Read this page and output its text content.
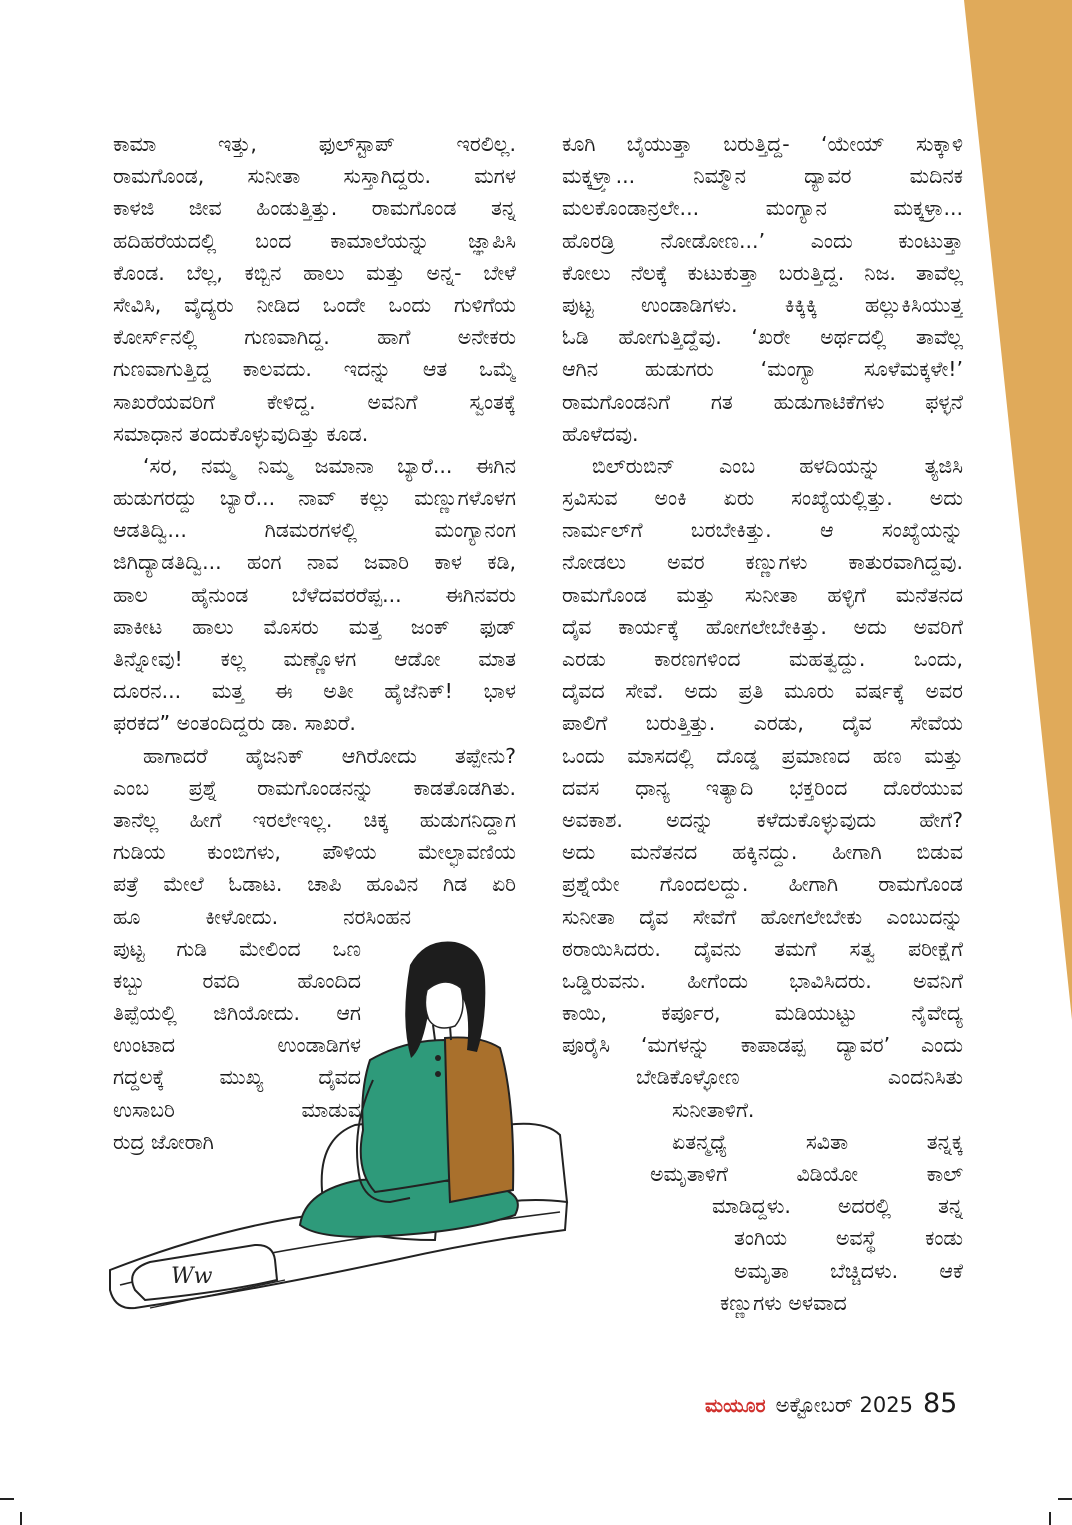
ಕಾಮಾ ಇತ್ತು, ಫುಲ್‌ಸ್ಟಾಪ್ ಇರಲಿಲ್ಲ.
ರಾಮಗೊಂಡ, ಸುನೀತಾ ಸುಸ್ತಾಗಿದ್ದರು. ಮಗಳ
ಕಾಳಜಿ ಜೀವ ಹಿಂಡುತ್ತಿತ್ತು. ರಾಮಗೊಂಡ ತನ್ನ
ಹದಿಹರೆಯದಲ್ಲಿ ಬಂದ ಕಾಮಾಲೆಯನ್ನು ಜ್ಞಾಪಿಸಿ
ಕೊಂಡ. ಬೆಲ್ಲ, ಕಬ್ಬಿನ ಹಾಲು ಮತ್ತು ಅನ್ನ- ಬೇಳೆ
ಸೇವಿಸಿ, ವೈದ್ಯರು ನೀಡಿದ ಒಂದೇ ಒಂದು ಗುಳಿಗೆಯ
ಕೋರ್ಸ್‌ನಲ್ಲಿ ಗುಣವಾಗಿದ್ದ. ಹಾಗೆ ಅನೇಕರು
ಗುಣವಾಗುತ್ತಿದ್ದ ಕಾಲವದು. ಇದನ್ನು ಆತ ಒಮ್ಮೆ
ಸಾಖರೆಯವರಿಗೆ ಕೇಳಿದ್ದ. ಅವನಿಗೆ ಸ್ವಂತಕ್ಕೆ
ಸಮಾಧಾನ ತಂದುಕೊಳ್ಳುವುದಿತ್ತು ಕೂಡ.
‘ಸರ, ನಮ್ಮ ನಿಮ್ಮ ಜಮಾನಾ ಬ್ಯಾರೆ... ಈಗಿನ
ಹುಡುಗರದ್ದು ಬ್ಯಾರೆ... ನಾವ್ ಕಲ್ಲು ಮಣ್ಣುಗಳೊಳಗ
ಆಡತಿದ್ವಿ... ಗಿಡಮರಗಳಲ್ಲಿ ಮಂಗ್ಯಾನಂಗ
ಜಿಗಿದ್ಯಾಡತಿದ್ವಿ... ಹಂಗ ನಾವ ಜವಾರಿ ಕಾಳ ಕಡಿ,
ಹಾಲ ಹೈನುಂಡ ಬೆಳೆದವರರೆಪ್ಪ... ಈಗಿನವರು
ಪಾಕೀಟ ಹಾಲು ಮೊಸರು ಮತ್ತ ಜಂಕ್ ಫುಡ್
ತಿನ್ನೋವು! ಕಲ್ಲ ಮಣ್ಣೊಳಗ ಆಡೋ ಮಾತ
ದೂರನ... ಮತ್ತ ಈ ಅತೀ ಹೈಜೆನಿಕ್! ಭಾಳ
ಫರಕದ” ಅಂತಂದಿದ್ದರು ಡಾ. ಸಾಖರೆ.
ಹಾಗಾದರೆ ಹೈಜನಿಕ್ ಆಗಿರೋದು ತಪ್ಪೇನು?
ಎಂಬ ಪ್ರಶ್ನೆ ರಾಮಗೊಂಡನನ್ನು ಕಾಡತೊಡಗಿತು.
ತಾನೆಲ್ಲ ಹೀಗೆ ಇರಲೇಇಲ್ಲ. ಚಿಕ್ಕ ಹುಡುಗನಿದ್ದಾಗ
ಗುಡಿಯ ಕುಂಬಿಗಳು, ಪೌಳಿಯ ಮೇಲ್ಛಾವಣಿಯ
ಪತ್ರೆ ಮೇಲೆ ಓಡಾಟ. ಚಾಪಿ ಹೂವಿನ ಗಿಡ ಏರಿ
ಹೂ ಕೀಳೋದು. ನರಸಿಂಹನ
ಪುಟ್ಟ ಗುಡಿ ಮೇಲಿಂದ ಒಣ
ಕಬ್ಬು ರವದಿ ಹೊಂದಿದ
ತಿಪ್ಪೆಯಲ್ಲಿ ಜಿಗಿಯೋದು. ಆಗ
ಉಂಟಾದ ಉಂಡಾಡಿಗಳ
ಗದ್ದಲಕ್ಕೆ ಮುಖ್ಯ ದೈವದ
ಉಸಾಬರಿ ಮಾಡುವ
ರುದ್ರ ಜೋರಾಗಿ
ಕೂಗಿ ಬೈಯುತ್ತಾ ಬರುತ್ತಿದ್ದ- ‘ಯೇಯ್ ಸುಕ್ಕಾಳಿ
ಮಕ್ಕಳ್ರ್ಯಾ... ನಿಮ್ಮೌನ ದ್ಯಾವರ ಮದಿನಕ
ಮಲಕೊಂಡಾನ್ರಲೇ... ಮಂಗ್ಯಾನ ಮಕ್ಕಳ್ರಾ...
ಹೊರಡ್ರಿ ನೋಡೋಣ...’ ಎಂದು ಕುಂಟುತ್ತಾ
ಕೋಲು ನೆಲಕ್ಕೆ ಕುಟುಕುತ್ತಾ ಬರುತ್ತಿದ್ದ. ನಿಜ. ತಾವೆಲ್ಲ
ಪುಟ್ಟ ಉಂಡಾಡಿಗಳು. ಕಿಕ್ಕಿಕ್ಕಿ ಹಲ್ಲುಕಿಸಿಯುತ್ತ
ಓಡಿ ಹೋಗುತ್ತಿದ್ದೆವು. ‘ಖರೇ ಅರ್ಥದಲ್ಲಿ ತಾವೆಲ್ಲ
ಆಗಿನ ಹುಡುಗರು ‘ಮಂಗ್ಯಾ ಸೂಳೆಮಕ್ಕಳೇ!’
ರಾಮಗೊಂಡನಿಗೆ ಗತ ಹುಡುಗಾಟಿಕೆಗಳು ಫಳ್ಳನೆ
ಹೊಳೆದವು.
ಬಿಲ್‌ರುಬಿನ್ ಎಂಬ ಹಳದಿಯನ್ನು ತ್ಯಜಿಸಿ
ಸ್ರವಿಸುವ ಅಂಕಿ ಏರು ಸಂಖ್ಯೆಯಲ್ಲಿತ್ತು. ಅದು
ನಾರ್ಮಲ್‌ಗೆ ಬರಬೇಕಿತ್ತು. ಆ ಸಂಖ್ಯೆಯನ್ನು
ನೋಡಲು ಅವರ ಕಣ್ಣುಗಳು ಕಾತುರವಾಗಿದ್ದವು.
ರಾಮಗೊಂಡ ಮತ್ತು ಸುನೀತಾ ಹಳ್ಳಿಗೆ ಮನೆತನದ
ದೈವ ಕಾರ್ಯಕ್ಕೆ ಹೋಗಲೇಬೇಕಿತ್ತು. ಅದು ಅವರಿಗೆ
ಎರಡು ಕಾರಣಗಳಿಂದ ಮಹತ್ವದ್ದು. ಒಂದು,
ದೈವದ ಸೇವೆ. ಅದು ಪ್ರತಿ ಮೂರು ವರ್ಷಕ್ಕೆ ಅವರ
ಪಾಲಿಗೆ ಬರುತ್ತಿತ್ತು. ಎರಡು, ದೈವ ಸೇವೆಯ
ಒಂದು ಮಾಸದಲ್ಲಿ ದೊಡ್ಡ ಪ್ರಮಾಣದ ಹಣ ಮತ್ತು
ದವಸ ಧಾನ್ಯ ಇತ್ಯಾದಿ ಭಕ್ತರಿಂದ ದೊರೆಯುವ
ಅವಕಾಶ. ಅದನ್ನು ಕಳೆದುಕೊಳ್ಳುವುದು ಹೇಗೆ?
ಅದು ಮನೆತನದ ಹಕ್ಕಿನದ್ದು. ಹೀಗಾಗಿ ಬಿಡುವ
ಪ್ರಶ್ನೆಯೇ ಗೊಂದಲದ್ದು. ಹೀಗಾಗಿ ರಾಮಗೊಂಡ
ಸುನೀತಾ ದೈವ ಸೇವೆಗೆ ಹೋಗಲೇಬೇಕು ಎಂಬುದನ್ನು
ಠರಾಯಿಸಿದರು. ದೈವನು ತಮಗೆ ಸತ್ವ ಪರೀಕ್ಷೆಗೆ
ಒಡ್ಡಿರುವನು. ಹೀಗೆಂದು ಭಾವಿಸಿದರು. ಅವನಿಗೆ
ಕಾಯಿ, ಕರ್ಪೂರ, ಮಡಿಯುಟ್ಟು ನೈವೇದ್ಯ
ಪೂರೈಸಿ ‘ಮಗಳನ್ನು ಕಾಪಾಡಪ್ಪ ದ್ಯಾವರ’ ಎಂದು
ಬೇಡಿಕೊಳ್ಳೋಣ ಎಂದನಿಸಿತು
ಸುನೀತಾಳಿಗೆ.
ಏತನ್ಮಧ್ಯೆ ಸವಿತಾ ತನ್ನಕ್ಕ
ಅಮೃತಾಳಿಗೆ ವಿಡಿಯೋ ಕಾಲ್
ಮಾಡಿದ್ದಳು. ಅದರಲ್ಲಿ ತನ್ನ
ತಂಗಿಯ ಅವಸ್ಥೆ ಕಂಡು
ಅಮೃತಾ ಬೆಚ್ಚಿದಳು. ಆಕೆ
ಕಣ್ಣುಗಳು ಅಳವಾದ
Ww
ಮಯೂರ ಅಕ್ಟೋಬರ್ 2025 85
